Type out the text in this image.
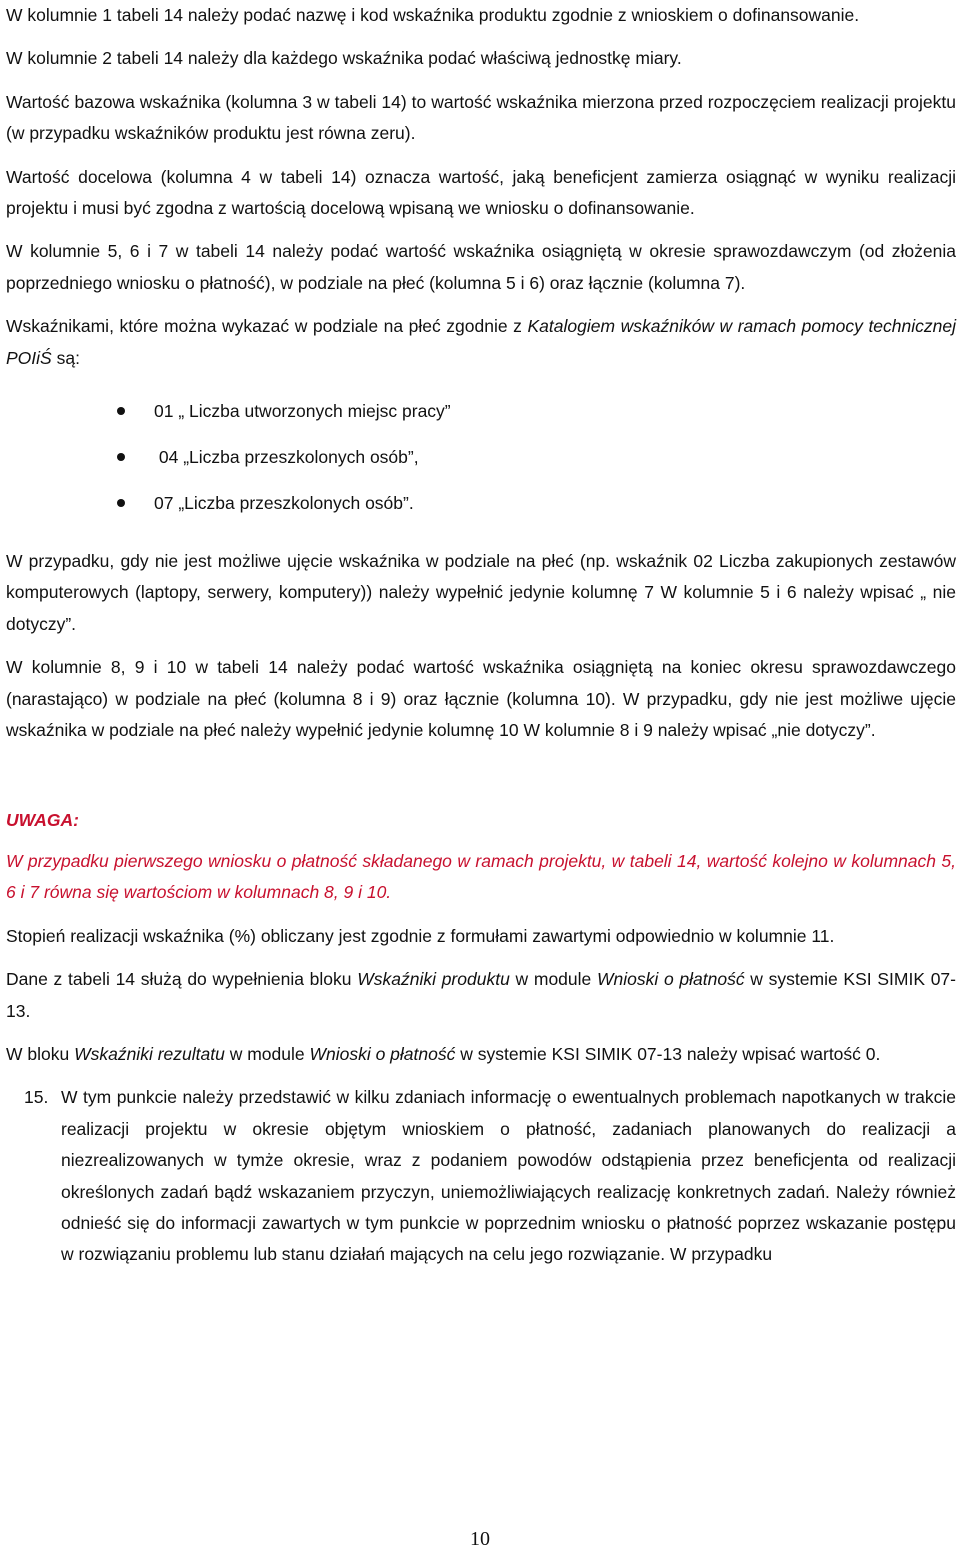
W kolumnie 1 tabeli 14 należy podać nazwę i kod wskaźnika produktu zgodnie z wnioskiem o dofinansowanie.

W kolumnie 2 tabeli 14 należy dla każdego wskaźnika podać właściwą jednostkę miary.

Wartość bazowa wskaźnika (kolumna 3 w tabeli 14) to wartość wskaźnika mierzona przed rozpoczęciem realizacji projektu (w przypadku wskaźników produktu jest równa zeru).

Wartość docelowa (kolumna 4 w tabeli 14) oznacza wartość, jaką beneficjent zamierza osiągnąć w wyniku realizacji projektu i musi być zgodna z wartością docelową wpisaną we wniosku o dofinansowanie.

W kolumnie 5, 6 i 7 w tabeli 14 należy podać wartość wskaźnika osiągniętą w okresie sprawozdawczym (od złożenia poprzedniego wniosku o płatność), w podziale na płeć (kolumna 5 i 6) oraz łącznie (kolumna 7).

Wskaźnikami, które można wykazać w podziale na płeć zgodnie z Katalogiem wskaźników w ramach pomocy technicznej POIiŚ są:

01 „ Liczba utworzonych miejsc pracy”
04 „Liczba przeszkolonych osób”,
07 „Liczba przeszkolonych osób”.

W przypadku, gdy nie jest możliwe ujęcie wskaźnika w podziale na płeć (np. wskaźnik 02 Liczba zakupionych zestawów komputerowych (laptopy, serwery, komputery)) należy wypełnić jedynie kolumnę 7 W kolumnie 5 i 6 należy wpisać „ nie dotyczy”.

W kolumnie 8, 9 i 10 w tabeli 14 należy podać wartość wskaźnika osiągniętą na koniec okresu sprawozdawczego (narastająco) w podziale na płeć (kolumna 8 i 9) oraz łącznie (kolumna 10). W przypadku, gdy nie jest możliwe ujęcie wskaźnika w podziale na płeć należy wypełnić jedynie kolumnę 10 W kolumnie 8 i 9 należy wpisać „nie dotyczy”.

UWAGA:

W przypadku pierwszego wniosku o płatność składanego w ramach projektu, w tabeli 14, wartość kolejno w kolumnach 5, 6 i 7 równa się wartościom w kolumnach 8, 9 i 10.

Stopień realizacji wskaźnika (%) obliczany jest zgodnie z formułami zawartymi odpowiednio w kolumnie 11.

Dane z tabeli 14 służą do wypełnienia bloku Wskaźniki produktu w module Wnioski o płatność w systemie KSI SIMIK 07-13.

W bloku Wskaźniki rezultatu w module Wnioski o płatność w systemie KSI SIMIK 07-13 należy wpisać wartość 0.

15. W tym punkcie należy przedstawić w kilku zdaniach informację o ewentualnych problemach napotkanych w trakcie realizacji projektu w okresie objętym wnioskiem o płatność, zadaniach planowanych do realizacji a niezrealizowanych w tymże okresie, wraz z podaniem powodów odstąpienia przez beneficjenta od realizacji określonych zadań bądź wskazaniem przyczyn, uniemożliwiających realizację konkretnych zadań. Należy również odnieść się do informacji zawartych w tym punkcie w poprzednim wniosku o płatność poprzez wskazanie postępu w rozwiązaniu problemu lub stanu działań mających na celu jego rozwiązanie. W przypadku

10
